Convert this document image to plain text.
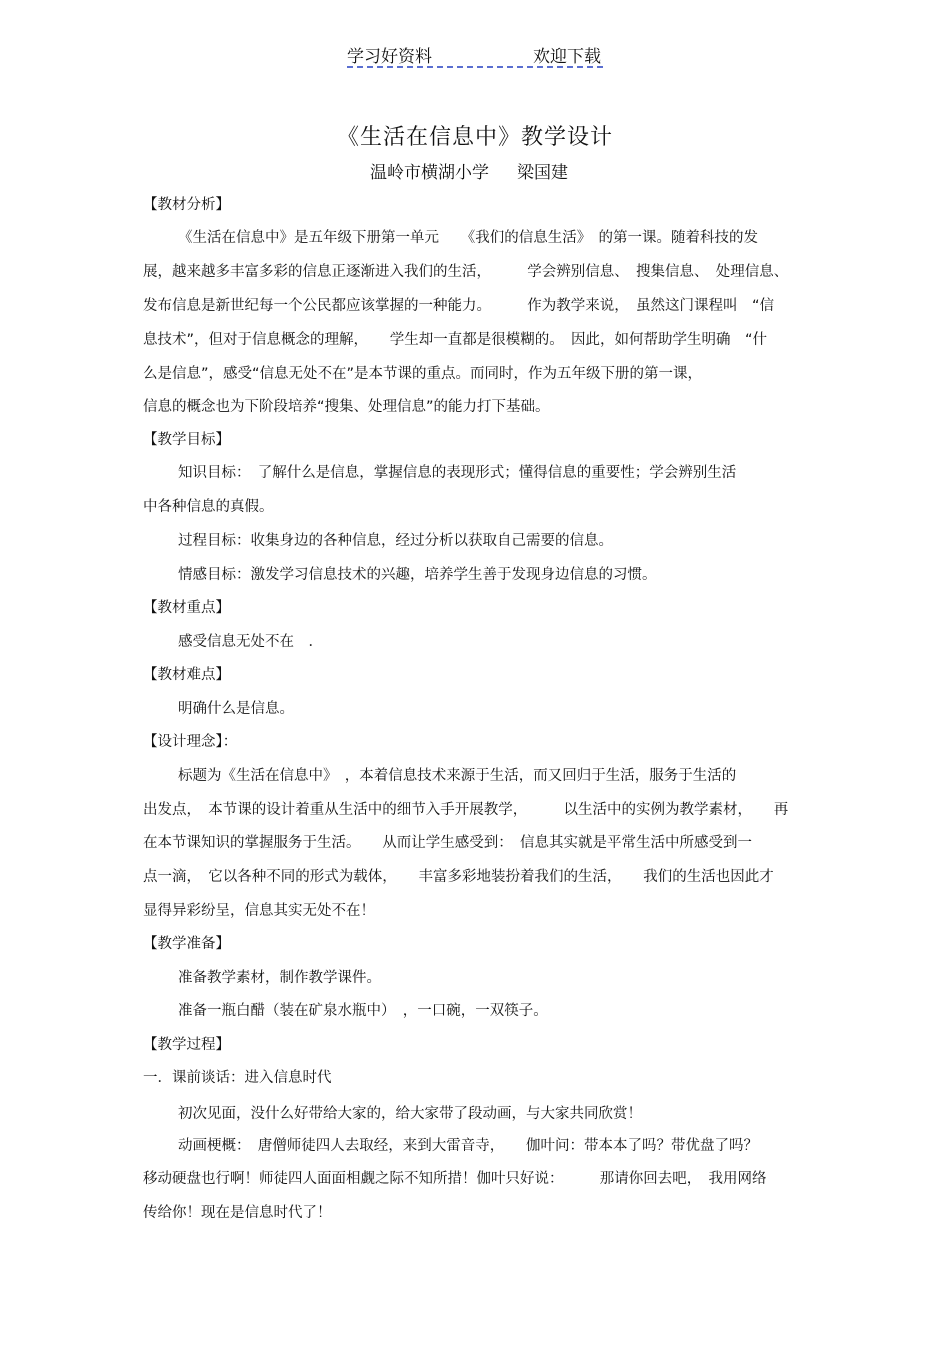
学习好资料	欢迎下载
《生活在信息中》教学设计
温岭市横湖小学 梁国建
【教材分析】
《生活在信息中》是五年级下册第一单元　　《我们的信息生活》　的第一课。随着科技的发
展，越来越多丰富多彩的信息正逐渐进入我们的生活，　　　学会辨别信息、　搜集信息、　处理信息、
发布信息是新世纪每一个公民都应该掌握的一种能力。　　　作为教学来说，　虽然这门课程叫　“信
息技术”，但对于信息概念的理解，　　学生却一直都是很模糊的。　因此，如何帮助学生明确　“什
么是信息”，感受“信息无处不在”是本节课的重点。而同时，作为五年级下册的第一课，
信息的概念也为下阶段培养“搜集、处理信息”的能力打下基础。
【教学目标】
知识目标：　了解什么是信息，掌握信息的表现形式；懂得信息的重要性；学会辨别生活
中各种信息的真假。
过程目标：收集身边的各种信息，经过分析以获取自己需要的信息。
情感目标：激发学习信息技术的兴趣，培养学生善于发现身边信息的习惯。
【教材重点】
感受信息无处不在　．
【教材难点】
明确什么是信息。
【设计理念】：
标题为《生活在信息中》　，本着信息技术来源于生活，而又回归于生活，服务于生活的
出发点，　本节课的设计着重从生活中的细节入手开展教学，　　　以生活中的实例为教学素材，　　再
在本节课知识的掌握服务于生活。　　从而让学生感受到：　信息其实就是平常生活中所感受到一
点一滴，　它以各种不同的形式为载体，　　丰富多彩地装扮着我们的生活，　　我们的生活也因此才
显得异彩纷呈，信息其实无处不在！
【教学准备】
准备教学素材，制作教学课件。
准备一瓶白醋（装在矿泉水瓶中）　，一口碗，一双筷子。
【教学过程】
一．课前谈话：进入信息时代
初次见面，没什么好带给大家的，给大家带了段动画，与大家共同欣赏！
动画梗概：　唐僧师徒四人去取经，来到大雷音寺，　　伽叶问：带本本了吗？带优盘了吗？
移动硬盘也行啊！师徒四人面面相觑之际不知所措！伽叶只好说：　　　那请你回去吧，　我用网络
传给你！现在是信息时代了！
